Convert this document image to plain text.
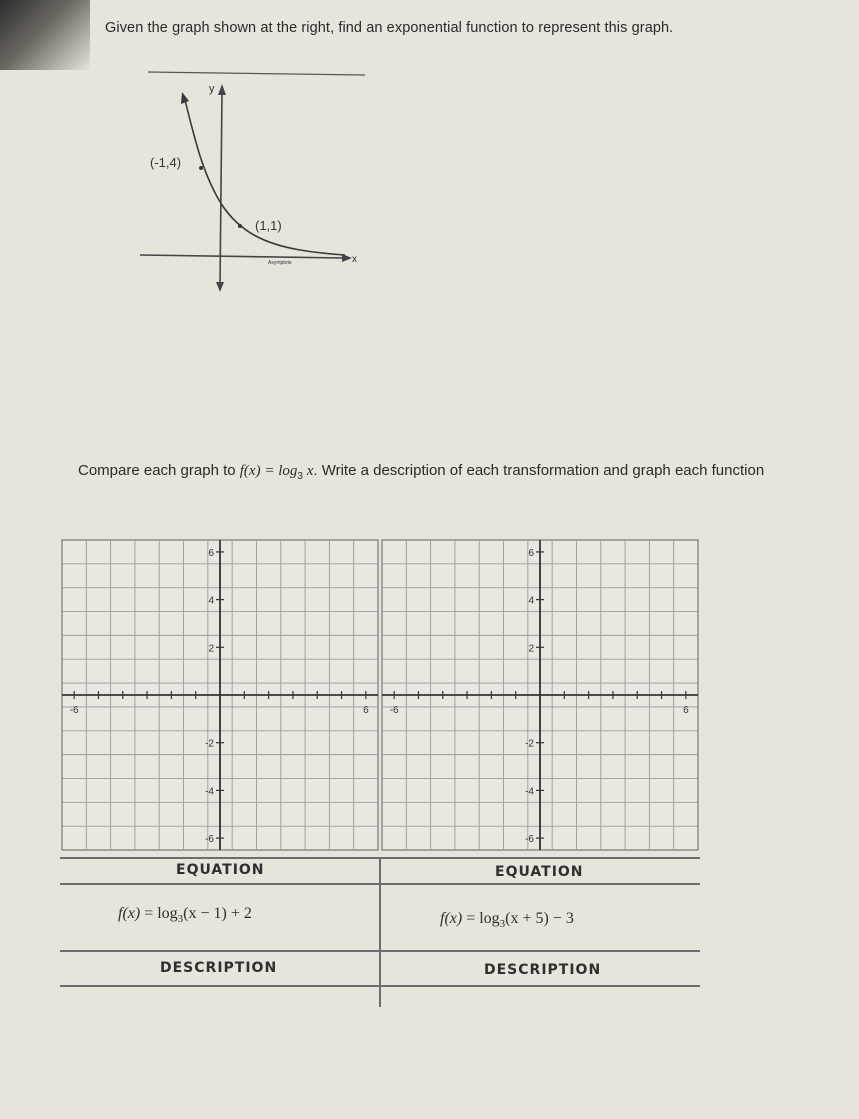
Given the graph shown at the right, find an exponential function to represent this graph.
y
x
(-1,4)
(1,1)
Asymptote
Compare each graph to $f(x) = \log_3 x$. Write a description of each transformation and graph each function
6
4
2
-2
-4
-6
-6	6
6
4
2
-2
-4
-6
-6	6
EQUATION	EQUATION
$f(x) = \log_3(x - 1) + 2$	$f(x) = \log_3(x + 5) - 3$
DESCRIPTION	DESCRIPTION
